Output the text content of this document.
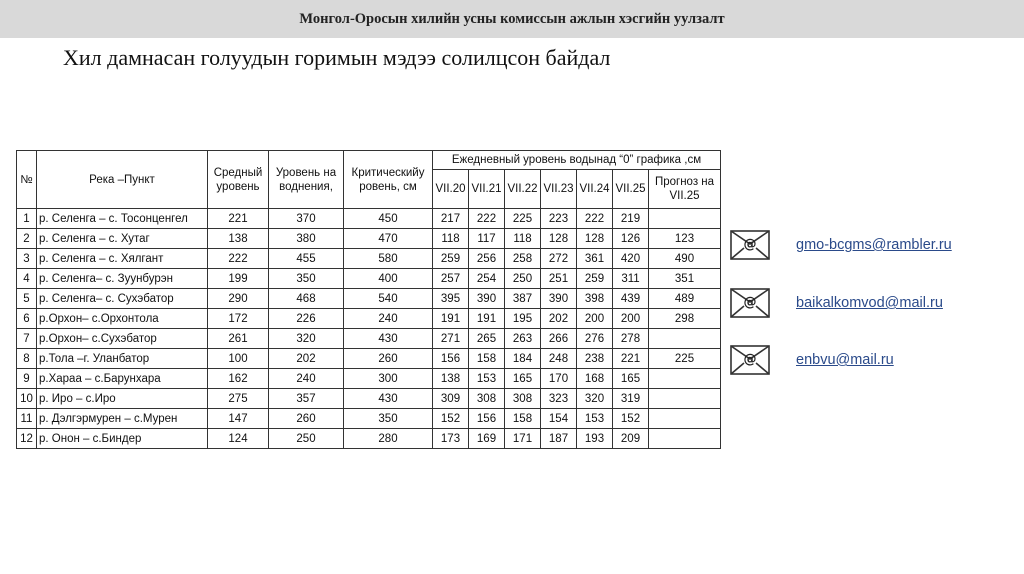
Монгол-Оросын хилийн усны комиссын ажлын хэсгийн уулзалт
Хил дамнасан голуудын горимын мэдээ солилцсон байдал
№	Река –Пункт	Средный уровень	Уровень на воднения,	Критическийу ровень, см	Ежедневный уровень водынад “0” графика ,см						
					VII.20	VII.21	VII.22	VII.23	VII.24	VII.25	Прогноз на VII.25
1	р. Селенга – с. Тосонценгел	221	370	450	217	222	225	223	222	219	
2	р. Селенга – с. Хутаг	138	380	470	118	117	118	128	128	126	123
3	р. Селенга – с. Хялгант	222	455	580	259	256	258	272	361	420	490
4	р. Селенга– с. Зуунбурэн	199	350	400	257	254	250	251	259	311	351
5	р. Селенга– с. Сухэбатор	290	468	540	395	390	387	390	398	439	489
6	р.Орхон– с.Орхонтола	172	226	240	191	191	195	202	200	200	298
7	р.Орхон– с.Сухэбатор	261	320	430	271	265	263	266	276	278	
8	р.Тола –г. Уланбатор	100	202	260	156	158	184	248	238	221	225
9	р.Хараа – с.Барунхара	162	240	300	138	153	165	170	168	165	
10	р. Иро – с.Иро	275	357	430	309	308	308	323	320	319	
11	р. Дэлгэрмурен – с.Мурен	147	260	350	152	156	158	154	153	152	
12	р. Онон – с.Биндер	124	250	280	173	169	171	187	193	209	
@	gmo-bcgms@rambler.ru
@	baikalkomvod@mail.ru
@	enbvu@mail.ru
